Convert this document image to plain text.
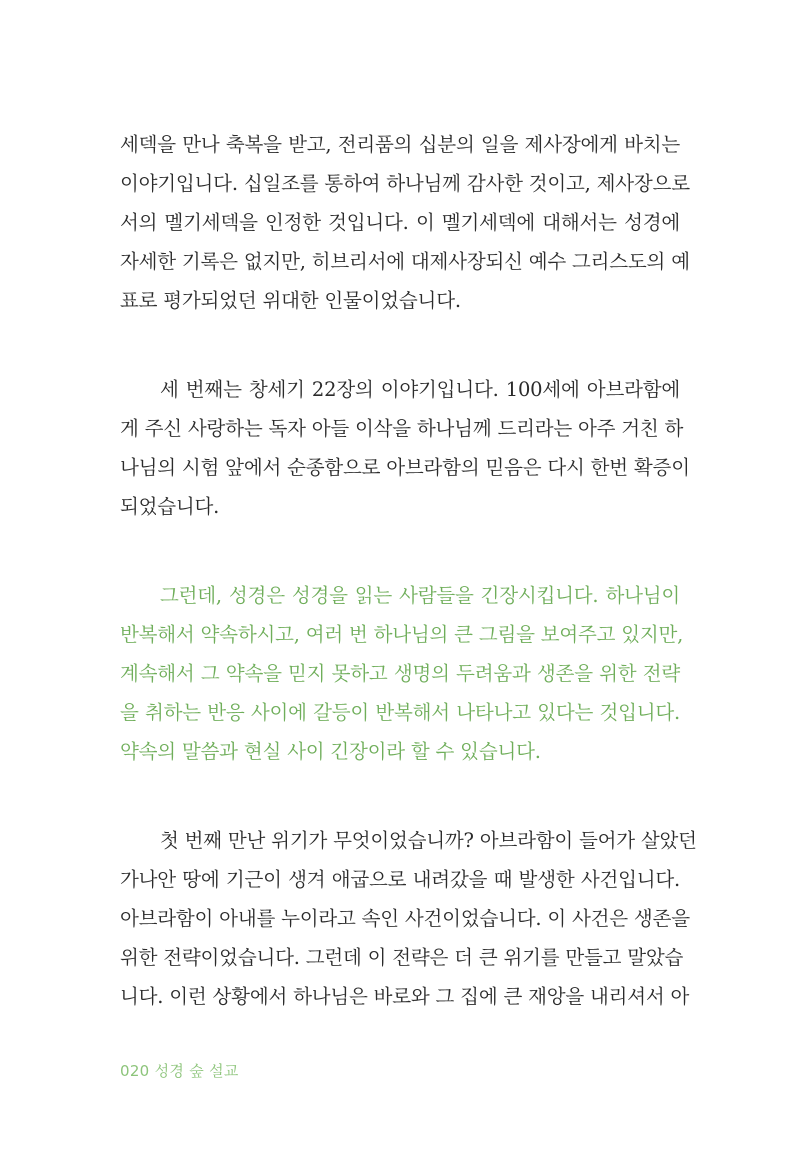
세덱을 만나 축복을 받고, 전리품의 십분의 일을 제사장에게 바치는
이야기입니다. 십일조를 통하여 하나님께 감사한 것이고, 제사장으로
서의 멜기세덱을 인정한 것입니다. 이 멜기세덱에 대해서는 성경에
자세한 기록은 없지만, 히브리서에 대제사장되신 예수 그리스도의 예
표로 평가되었던 위대한 인물이었습니다.
세 번째는 창세기 22장의 이야기입니다. 100세에 아브라함에
게 주신 사랑하는 독자 아들 이삭을 하나님께 드리라는 아주 거친 하
나님의 시험 앞에서 순종함으로 아브라함의 믿음은 다시 한번 확증이
되었습니다.
그런데, 성경은 성경을 읽는 사람들을 긴장시킵니다. 하나님이
반복해서 약속하시고, 여러 번 하나님의 큰 그림을 보여주고 있지만,
계속해서 그 약속을 믿지 못하고 생명의 두려움과 생존을 위한 전략
을 취하는 반응 사이에 갈등이 반복해서 나타나고 있다는 것입니다.
약속의 말씀과 현실 사이 긴장이라 할 수 있습니다.
첫 번째 만난 위기가 무엇이었습니까? 아브라함이 들어가 살았던
가나안 땅에 기근이 생겨 애굽으로 내려갔을 때 발생한 사건입니다.
아브라함이 아내를 누이라고 속인 사건이었습니다. 이 사건은 생존을
위한 전략이었습니다. 그런데 이 전략은 더 큰 위기를 만들고 말았습
니다. 이런 상황에서 하나님은 바로와 그 집에 큰 재앙을 내리셔서 아
020 성경 숲 설교
